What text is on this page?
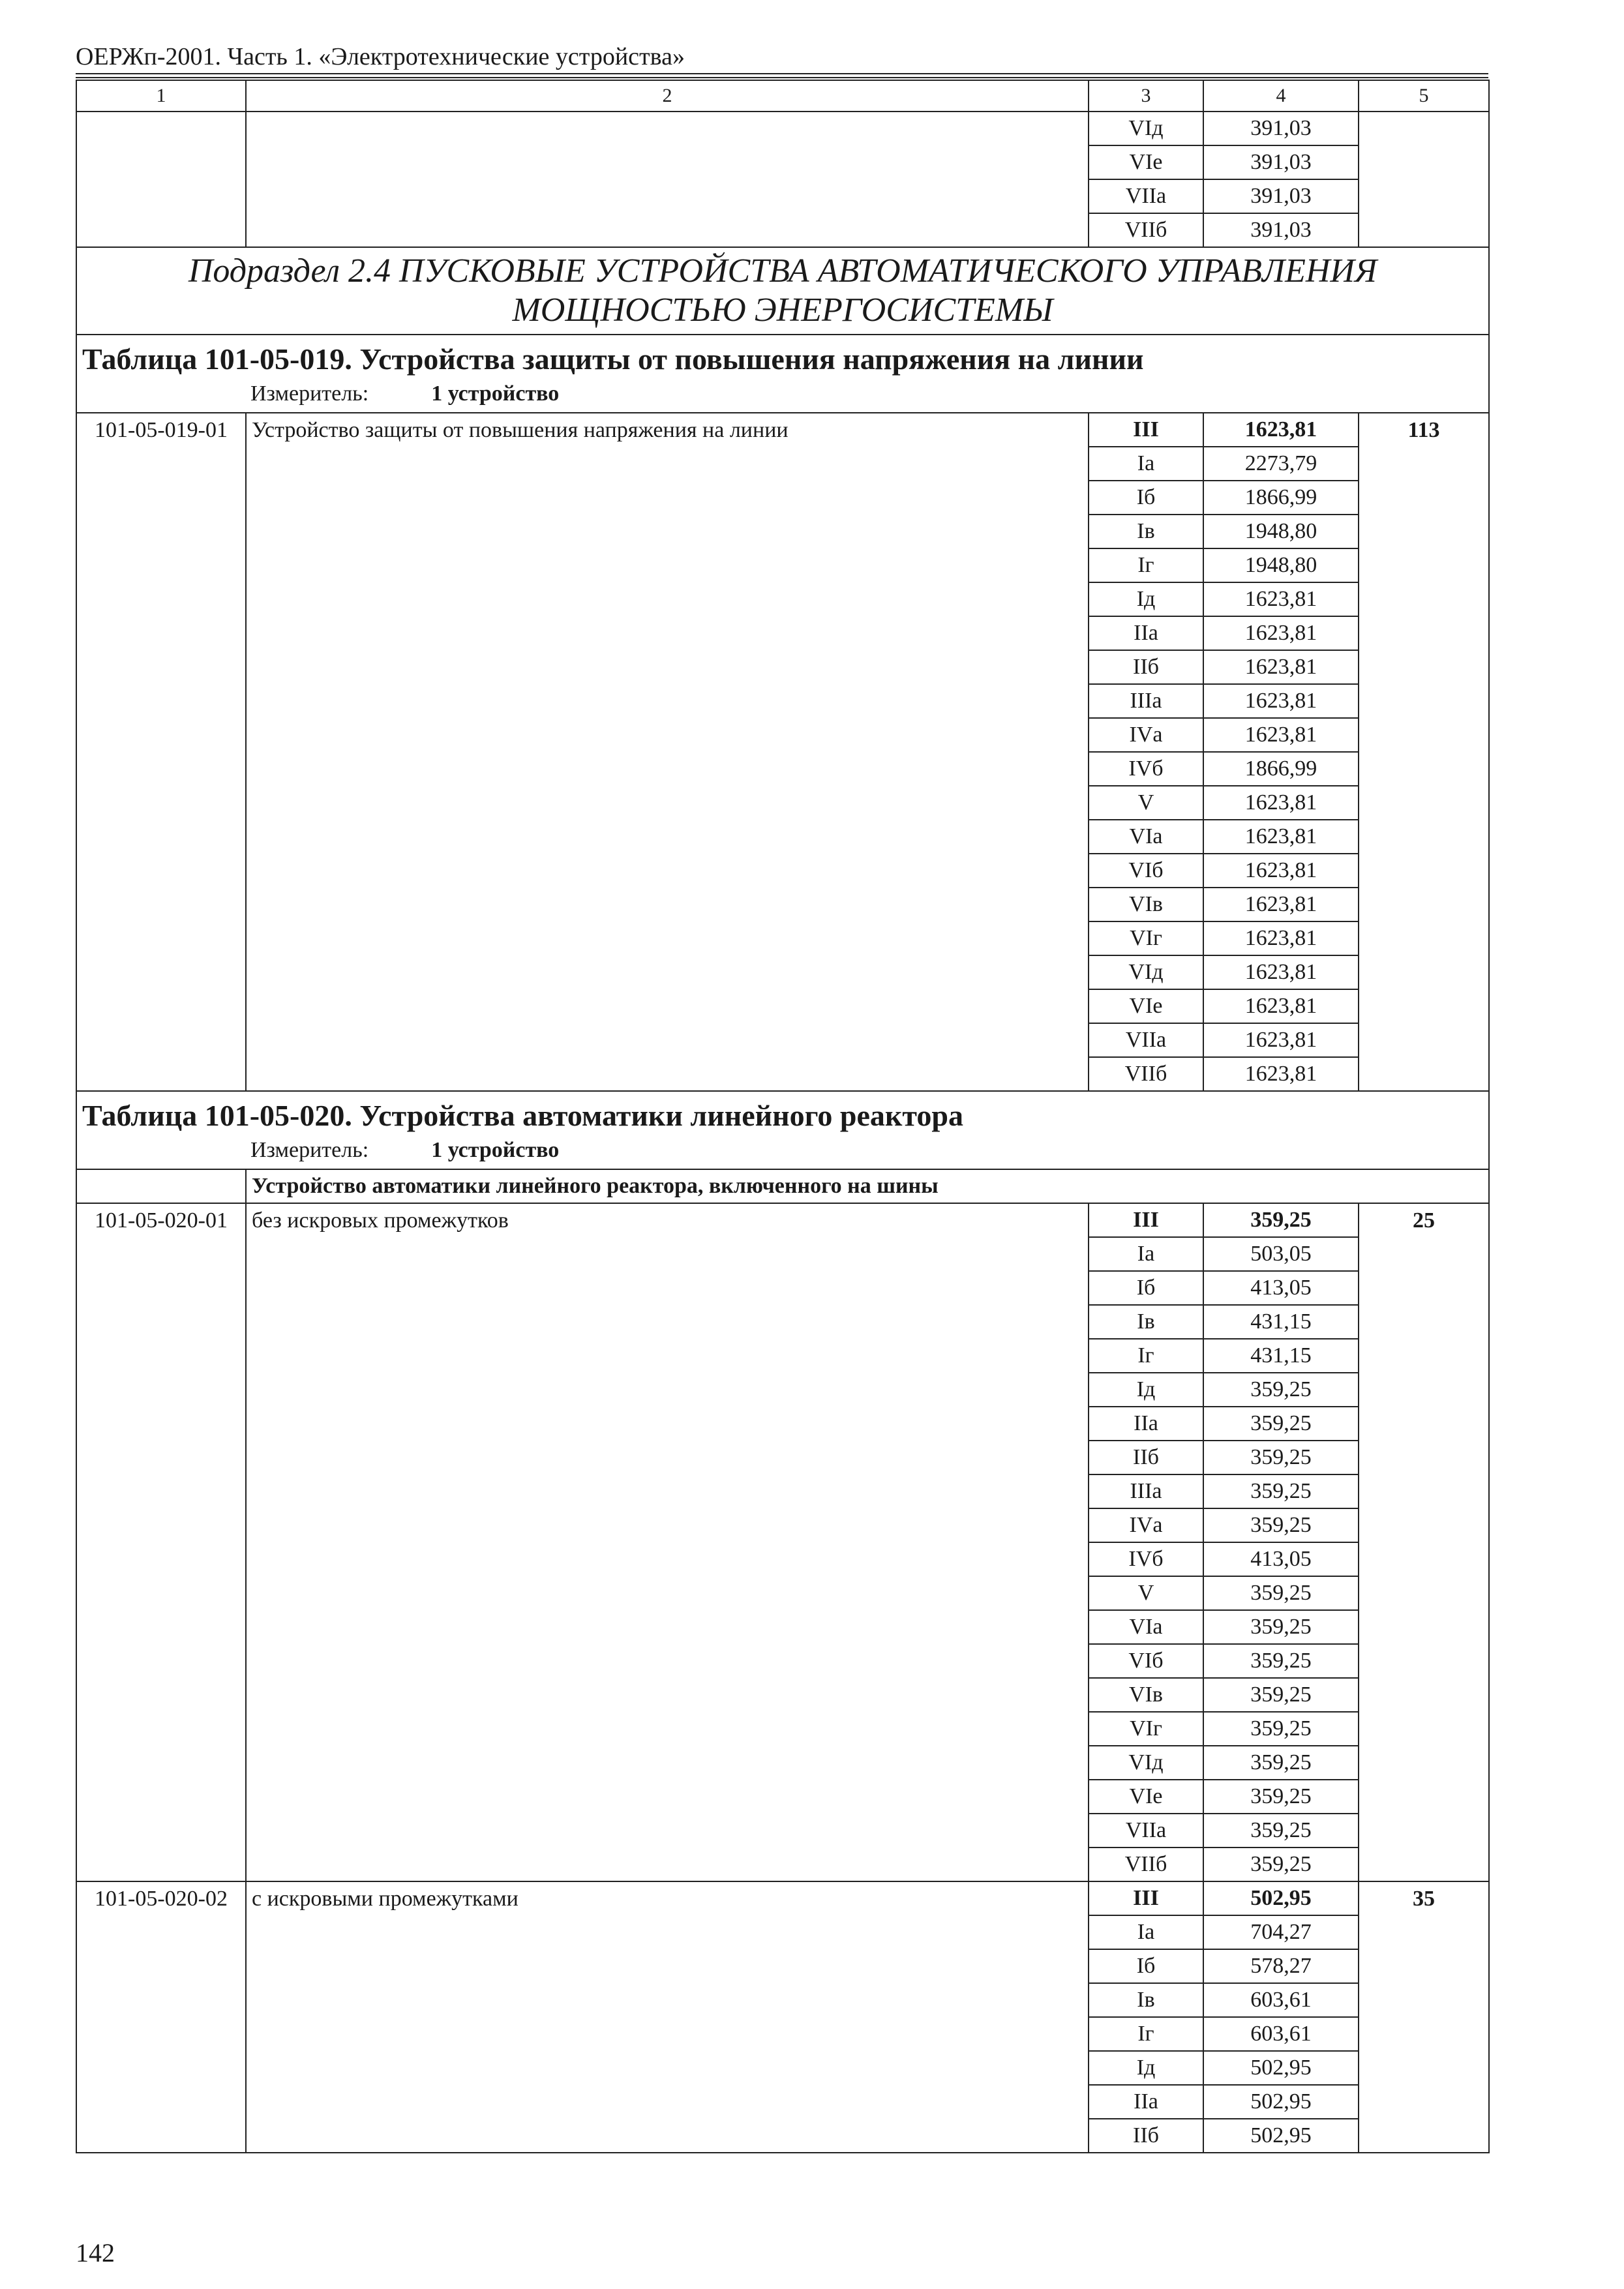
ОЕРЖп-2001. Часть 1. «Электротехнические устройства»
1	2	3	4	5
		VIд	391,03	
		VIе	391,03	
		VIIа	391,03	
		VIIб	391,03	
Подраздел 2.4 ПУСКОВЫЕ УСТРОЙСТВА АВТОМАТИЧЕСКОГО УПРАВЛЕНИЯ МОЩНОСТЬЮ ЭНЕРГОСИСТЕМЫ				
Таблица 101-05-019. Устройства защиты от повышения напряжения на линии				
Измеритель: 1 устройство				
101-05-019-01	Устройство защиты от повышения напряжения на линии	III	1623,81	113
		Iа	2273,79	
		Iб	1866,99	
		Iв	1948,80	
		Iг	1948,80	
		Iд	1623,81	
		IIа	1623,81	
		IIб	1623,81	
		IIIа	1623,81	
		IVа	1623,81	
		IVб	1866,99	
		V	1623,81	
		VIа	1623,81	
		VIб	1623,81	
		VIв	1623,81	
		VIг	1623,81	
		VIд	1623,81	
		VIе	1623,81	
		VIIа	1623,81	
		VIIб	1623,81	
Таблица 101-05-020. Устройства автоматики линейного реактора				
Измеритель: 1 устройство				
	Устройство автоматики линейного реактора, включенного на шины			
101-05-020-01	без искровых промежутков	III	359,25	25
		Iа	503,05	
		Iб	413,05	
		Iв	431,15	
		Iг	431,15	
		Iд	359,25	
		IIа	359,25	
		IIб	359,25	
		IIIа	359,25	
		IVа	359,25	
		IVб	413,05	
		V	359,25	
		VIа	359,25	
		VIб	359,25	
		VIв	359,25	
		VIг	359,25	
		VIд	359,25	
		VIе	359,25	
		VIIа	359,25	
		VIIб	359,25	
101-05-020-02	с искровыми промежутками	III	502,95	35
		Iа	704,27	
		Iб	578,27	
		Iв	603,61	
		Iг	603,61	
		Iд	502,95	
		IIа	502,95	
		IIб	502,95	
142
